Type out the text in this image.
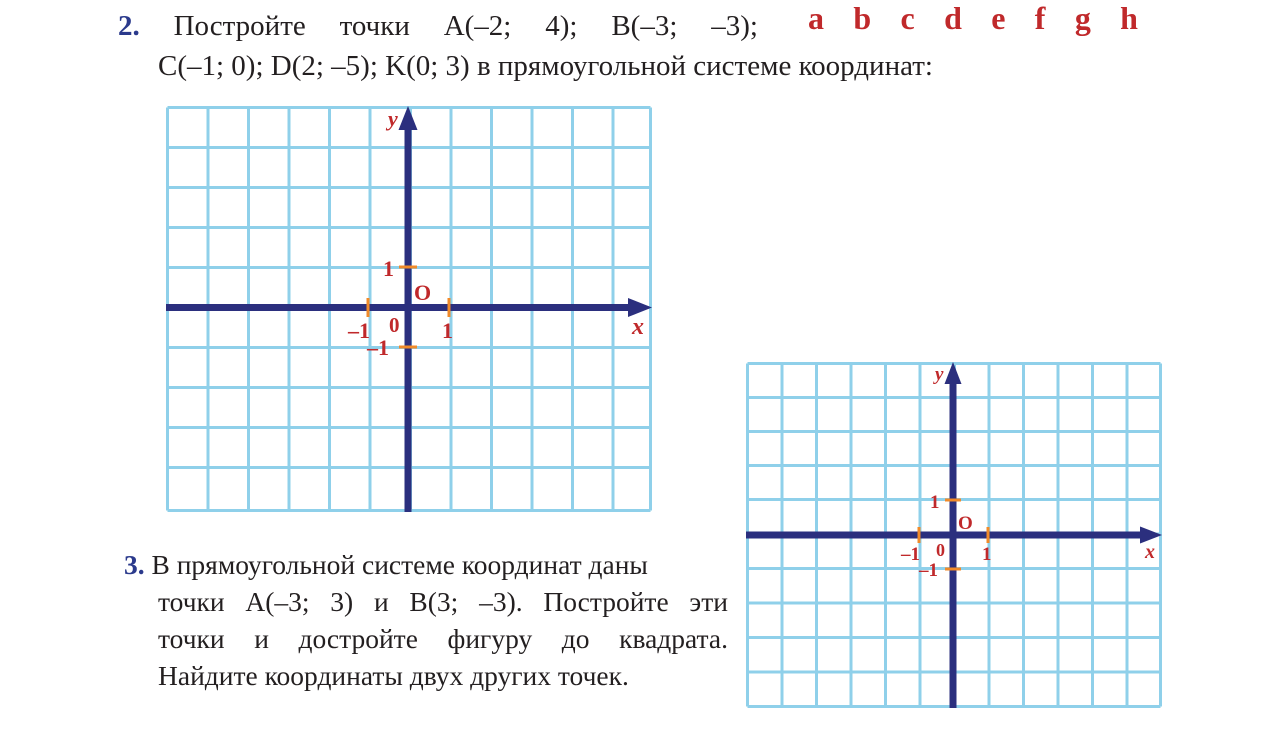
2. Постройте точки A(–2; 4); B(–3; –3);
C(–1; 0); D(2; –5); K(0; 3) в прямоугольной системе координат:
a b c d e f g h
y
x
O
0 1
–1
1
–1
3. В прямоугольной системе координат даны
точки A(–3; 3) и B(3; –3). Постройте эти
точки и достройте фигуру до квадрата.
Найдите координаты двух других точек.
y
x
O
0 1
–1
1
–1
